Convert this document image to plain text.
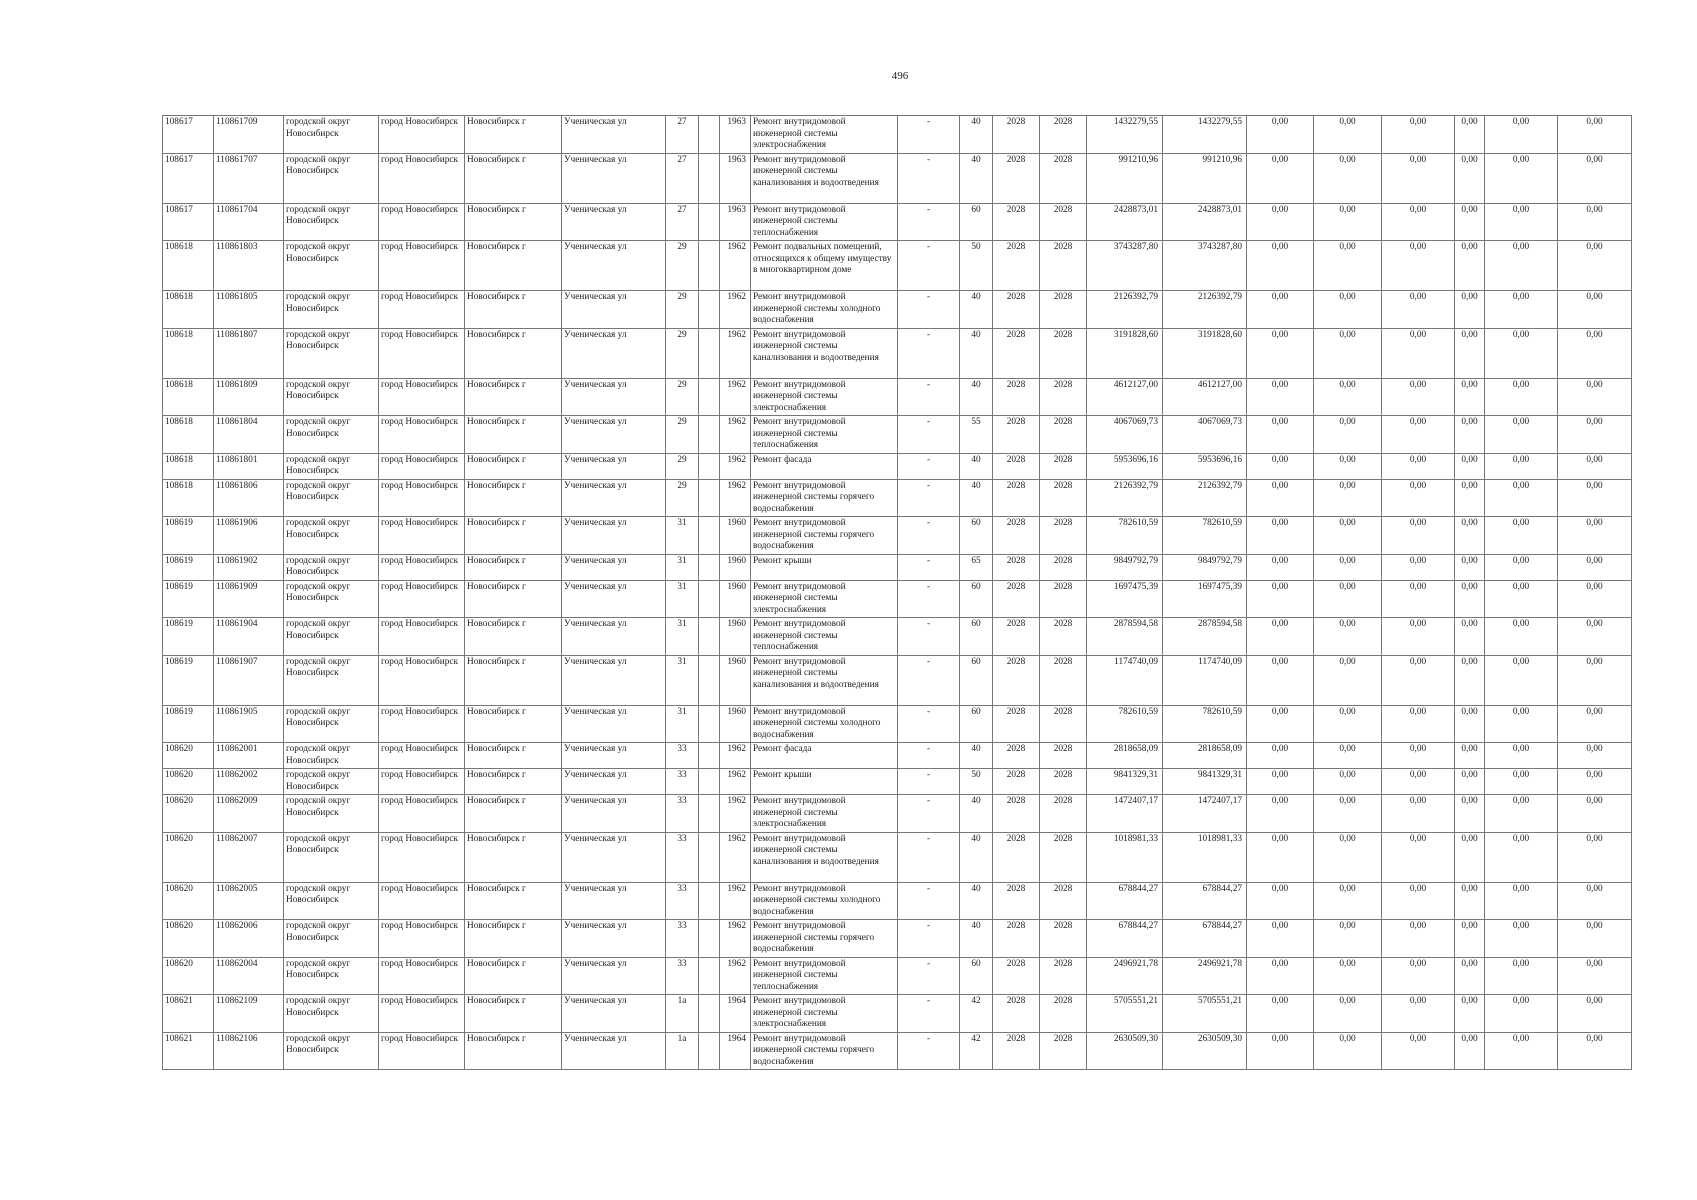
496
108617	110861709	городской округ Новосибирск	город Новосибирск	Новосибирск г	Ученическая ул	27		1963	Ремонт внутридомовой инженерной системы электроснабжения	-	40	2028	2028	1432279,55	1432279,55	0,00	0,00	0,00	0,00	0,00	0,00
108617	110861707	городской округ Новосибирск	город Новосибирск	Новосибирск г	Ученическая ул	27		1963	Ремонт внутридомовой инженерной системы канализования и водоотведения	-	40	2028	2028	991210,96	991210,96	0,00	0,00	0,00	0,00	0,00	0,00
108617	110861704	городской округ Новосибирск	город Новосибирск	Новосибирск г	Ученическая ул	27		1963	Ремонт внутридомовой инженерной системы теплоснабжения	-	60	2028	2028	2428873,01	2428873,01	0,00	0,00	0,00	0,00	0,00	0,00
108618	110861803	городской округ Новосибирск	город Новосибирск	Новосибирск г	Ученическая ул	29		1962	Ремонт подвальных помещений, относящихся к общему имуществу в многоквартирном доме	-	50	2028	2028	3743287,80	3743287,80	0,00	0,00	0,00	0,00	0,00	0,00
108618	110861805	городской округ Новосибирск	город Новосибирск	Новосибирск г	Ученическая ул	29		1962	Ремонт внутридомовой инженерной системы холодного водоснабжения	-	40	2028	2028	2126392,79	2126392,79	0,00	0,00	0,00	0,00	0,00	0,00
108618	110861807	городской округ Новосибирск	город Новосибирск	Новосибирск г	Ученическая ул	29		1962	Ремонт внутридомовой инженерной системы канализования и водоотведения	-	40	2028	2028	3191828,60	3191828,60	0,00	0,00	0,00	0,00	0,00	0,00
108618	110861809	городской округ Новосибирск	город Новосибирск	Новосибирск г	Ученическая ул	29		1962	Ремонт внутридомовой инженерной системы электроснабжения	-	40	2028	2028	4612127,00	4612127,00	0,00	0,00	0,00	0,00	0,00	0,00
108618	110861804	городской округ Новосибирск	город Новосибирск	Новосибирск г	Ученическая ул	29		1962	Ремонт внутридомовой инженерной системы теплоснабжения	-	55	2028	2028	4067069,73	4067069,73	0,00	0,00	0,00	0,00	0,00	0,00
108618	110861801	городской округ Новосибирск	город Новосибирск	Новосибирск г	Ученическая ул	29		1962	Ремонт фасада	-	40	2028	2028	5953696,16	5953696,16	0,00	0,00	0,00	0,00	0,00	0,00
108618	110861806	городской округ Новосибирск	город Новосибирск	Новосибирск г	Ученическая ул	29		1962	Ремонт внутридомовой инженерной системы горячего водоснабжения	-	40	2028	2028	2126392,79	2126392,79	0,00	0,00	0,00	0,00	0,00	0,00
108619	110861906	городской округ Новосибирск	город Новосибирск	Новосибирск г	Ученическая ул	31		1960	Ремонт внутридомовой инженерной системы горячего водоснабжения	-	60	2028	2028	782610,59	782610,59	0,00	0,00	0,00	0,00	0,00	0,00
108619	110861902	городской округ Новосибирск	город Новосибирск	Новосибирск г	Ученическая ул	31		1960	Ремонт крыши	-	65	2028	2028	9849792,79	9849792,79	0,00	0,00	0,00	0,00	0,00	0,00
108619	110861909	городской округ Новосибирск	город Новосибирск	Новосибирск г	Ученическая ул	31		1960	Ремонт внутридомовой инженерной системы электроснабжения	-	60	2028	2028	1697475,39	1697475,39	0,00	0,00	0,00	0,00	0,00	0,00
108619	110861904	городской округ Новосибирск	город Новосибирск	Новосибирск г	Ученическая ул	31		1960	Ремонт внутридомовой инженерной системы теплоснабжения	-	60	2028	2028	2878594,58	2878594,58	0,00	0,00	0,00	0,00	0,00	0,00
108619	110861907	городской округ Новосибирск	город Новосибирск	Новосибирск г	Ученическая ул	31		1960	Ремонт внутридомовой инженерной системы канализования и водоотведения	-	60	2028	2028	1174740,09	1174740,09	0,00	0,00	0,00	0,00	0,00	0,00
108619	110861905	городской округ Новосибирск	город Новосибирск	Новосибирск г	Ученическая ул	31		1960	Ремонт внутридомовой инженерной системы холодного водоснабжения	-	60	2028	2028	782610,59	782610,59	0,00	0,00	0,00	0,00	0,00	0,00
108620	110862001	городской округ Новосибирск	город Новосибирск	Новосибирск г	Ученическая ул	33		1962	Ремонт фасада	-	40	2028	2028	2818658,09	2818658,09	0,00	0,00	0,00	0,00	0,00	0,00
108620	110862002	городской округ Новосибирск	город Новосибирск	Новосибирск г	Ученическая ул	33		1962	Ремонт крыши	-	50	2028	2028	9841329,31	9841329,31	0,00	0,00	0,00	0,00	0,00	0,00
108620	110862009	городской округ Новосибирск	город Новосибирск	Новосибирск г	Ученическая ул	33		1962	Ремонт внутридомовой инженерной системы электроснабжения	-	40	2028	2028	1472407,17	1472407,17	0,00	0,00	0,00	0,00	0,00	0,00
108620	110862007	городской округ Новосибирск	город Новосибирск	Новосибирск г	Ученическая ул	33		1962	Ремонт внутридомовой инженерной системы канализования и водоотведения	-	40	2028	2028	1018981,33	1018981,33	0,00	0,00	0,00	0,00	0,00	0,00
108620	110862005	городской округ Новосибирск	город Новосибирск	Новосибирск г	Ученическая ул	33		1962	Ремонт внутридомовой инженерной системы холодного водоснабжения	-	40	2028	2028	678844,27	678844,27	0,00	0,00	0,00	0,00	0,00	0,00
108620	110862006	городской округ Новосибирск	город Новосибирск	Новосибирск г	Ученическая ул	33		1962	Ремонт внутридомовой инженерной системы горячего водоснабжения	-	40	2028	2028	678844,27	678844,27	0,00	0,00	0,00	0,00	0,00	0,00
108620	110862004	городской округ Новосибирск	город Новосибирск	Новосибирск г	Ученическая ул	33		1962	Ремонт внутридомовой инженерной системы теплоснабжения	-	60	2028	2028	2496921,78	2496921,78	0,00	0,00	0,00	0,00	0,00	0,00
108621	110862109	городской округ Новосибирск	город Новосибирск	Новосибирск г	Ученическая ул	1а		1964	Ремонт внутридомовой инженерной системы электроснабжения	-	42	2028	2028	5705551,21	5705551,21	0,00	0,00	0,00	0,00	0,00	0,00
108621	110862106	городской округ Новосибирск	город Новосибирск	Новосибирск г	Ученическая ул	1а		1964	Ремонт внутридомовой инженерной системы горячего водоснабжения	-	42	2028	2028	2630509,30	2630509,30	0,00	0,00	0,00	0,00	0,00	0,00
